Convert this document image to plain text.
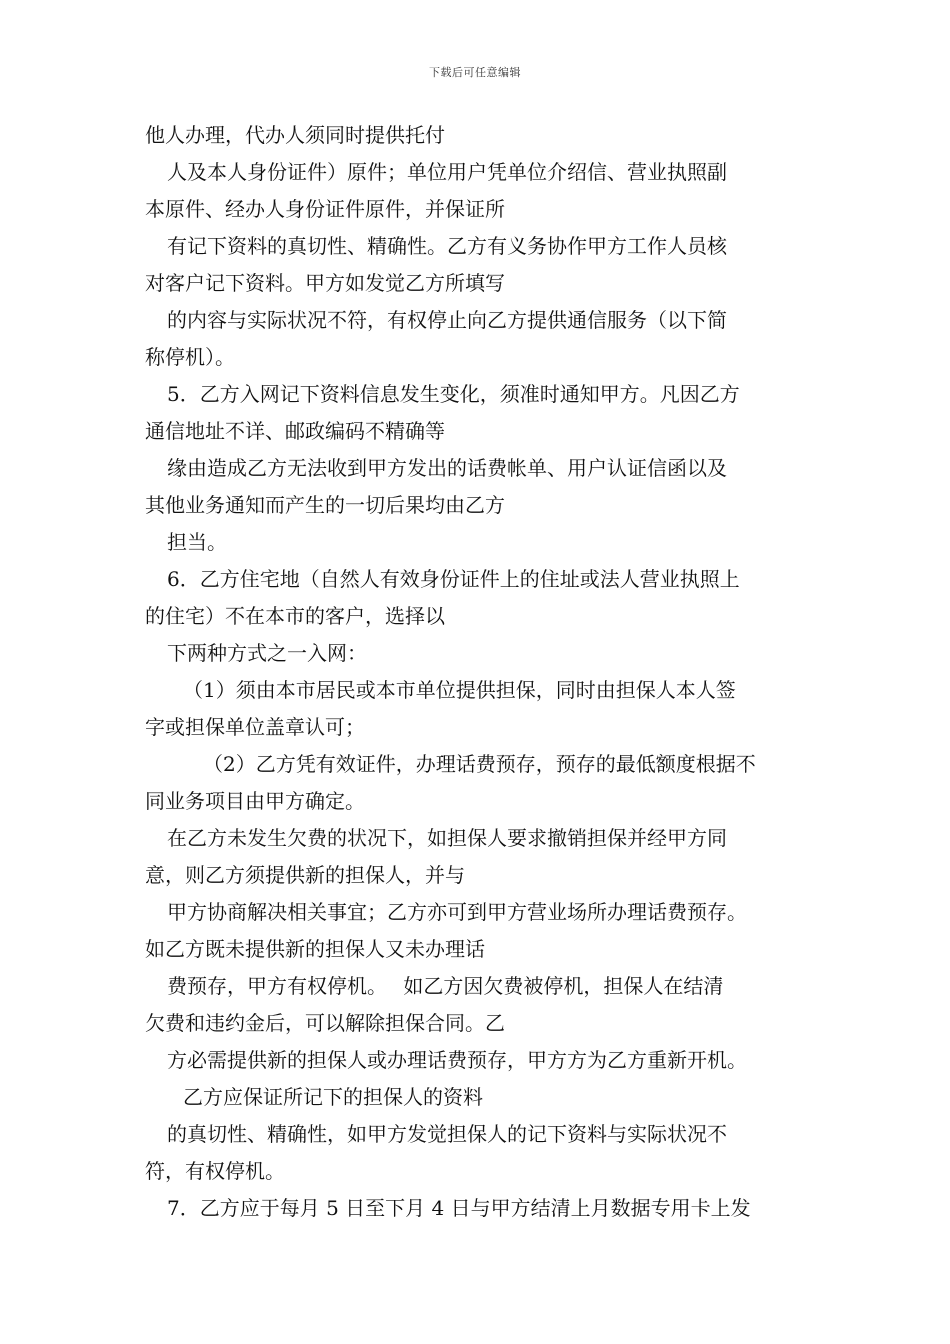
下载后可任意编辑
他人办理，代办人须同时提供托付
人及本人身份证件）原件；单位用户凭单位介绍信、营业执照副
本原件、经办人身份证件原件，并保证所
有记下资料的真切性、精确性。乙方有义务协作甲方工作人员核
对客户记下资料。甲方如发觉乙方所填写
的内容与实际状况不符，有权停止向乙方提供通信服务（以下简
称停机）。
5．乙方入网记下资料信息发生变化，须准时通知甲方。凡因乙方
通信地址不详、邮政编码不精确等
缘由造成乙方无法收到甲方发出的话费帐单、用户认证信函以及
其他业务通知而产生的一切后果均由乙方
担当。
6．乙方住宅地（自然人有效身份证件上的住址或法人营业执照上
的住宅）不在本市的客户，选择以
下两种方式之一入网：
（1）须由本市居民或本市单位提供担保，同时由担保人本人签
字或担保单位盖章认可；
（2）乙方凭有效证件，办理话费预存，预存的最低额度根据不
同业务项目由甲方确定。
在乙方未发生欠费的状况下，如担保人要求撤销担保并经甲方同
意，则乙方须提供新的担保人，并与
甲方协商解决相关事宜；乙方亦可到甲方营业场所办理话费预存。
如乙方既未提供新的担保人又未办理话
费预存，甲方有权停机。　 如乙方因欠费被停机，担保人在结清
欠费和违约金后，可以解除担保合同。乙
方必需提供新的担保人或办理话费预存，甲方方为乙方重新开机。
乙方应保证所记下的担保人的资料
的真切性、精确性，如甲方发觉担保人的记下资料与实际状况不
符，有权停机。
7．乙方应于每月 5 日至下月 4 日与甲方结清上月数据专用卡上发
